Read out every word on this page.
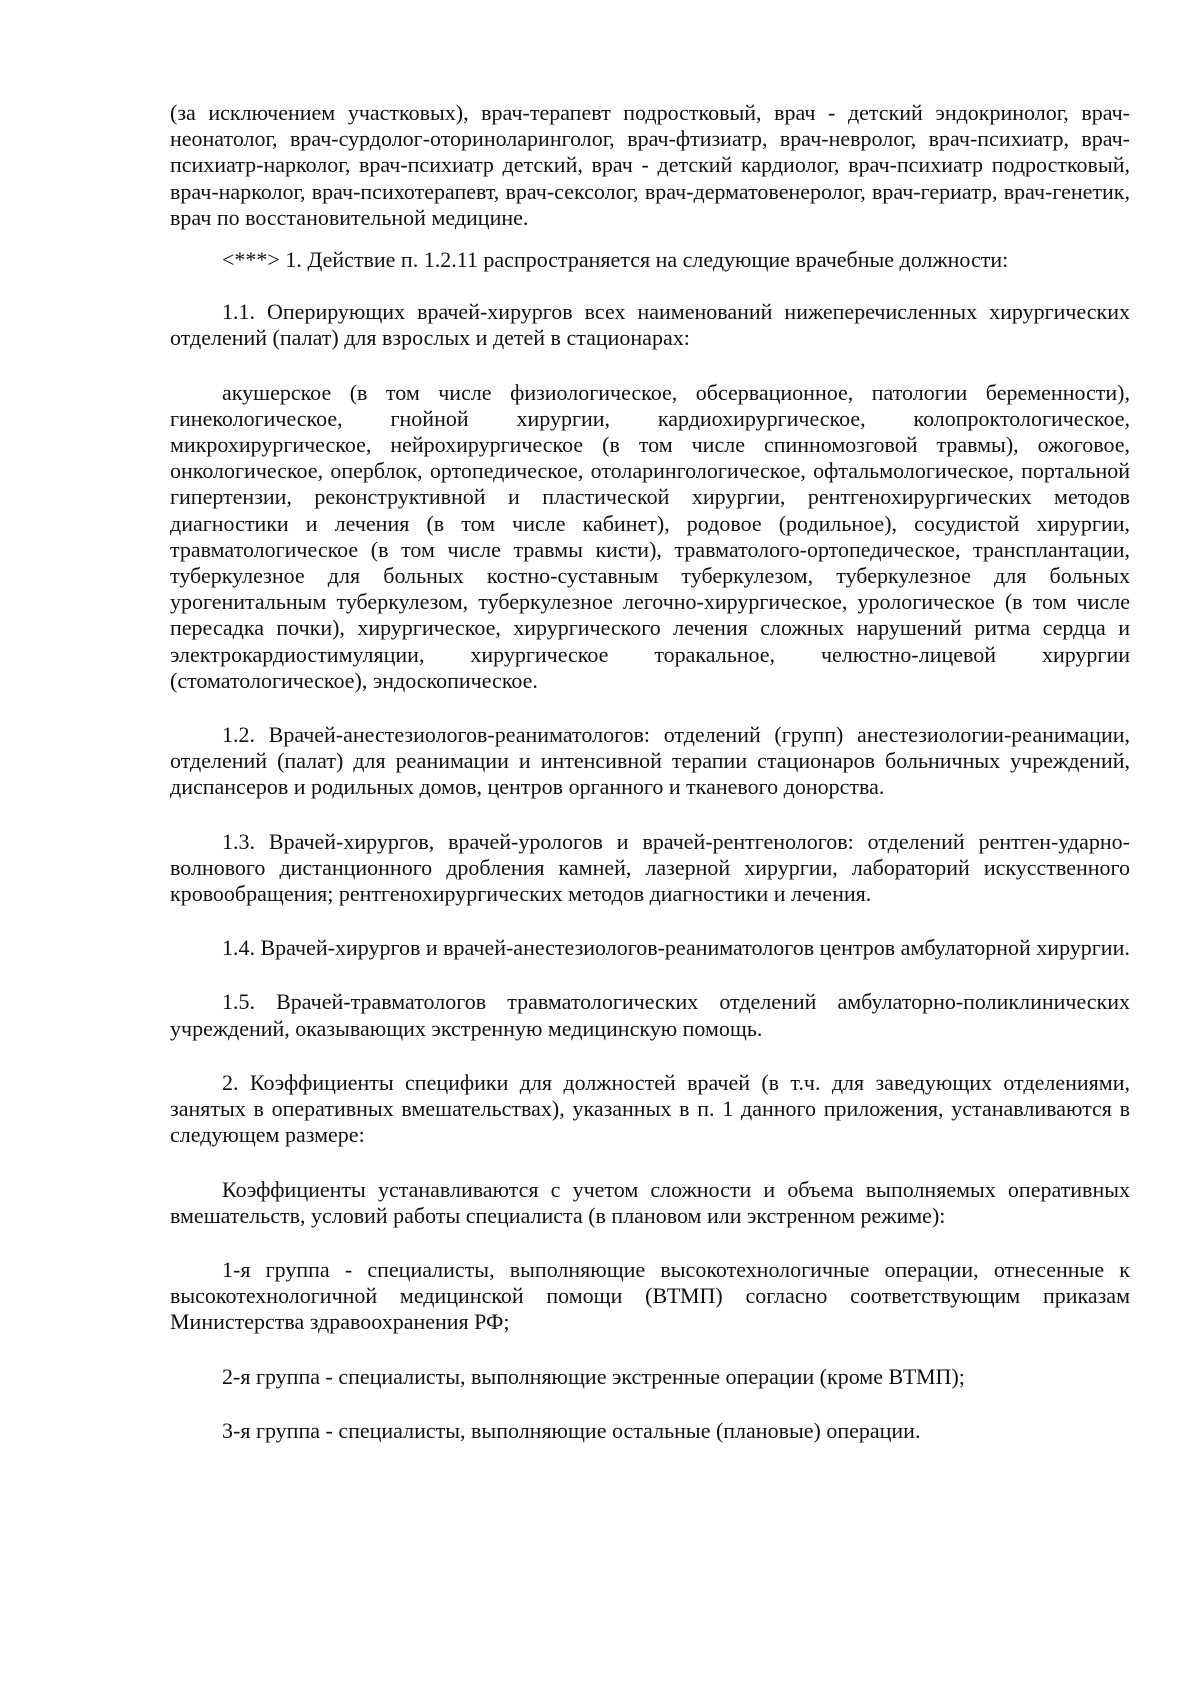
(за исключением участковых), врач-терапевт подростковый, врач - детский эндокринолог, врач-неонатолог, врач-сурдолог-оториноларинголог, врач-фтизиатр, врач-невролог, врач-психиатр, врач-психиатр-нарколог, врач-психиатр детский, врач - детский кардиолог, врач-психиатр подростковый, врач-нарколог, врач-психотерапевт, врач-сексолог, врач-дерматовенеролог, врач-гериатр, врач-генетик, врач по восстановительной медицине.

<***> 1. Действие п. 1.2.11 распространяется на следующие врачебные должности:

1.1. Оперирующих врачей-хирургов всех наименований нижеперечисленных хирургических отделений (палат) для взрослых и детей в стационарах:

акушерское (в том числе физиологическое, обсервационное, патологии беременности), гинекологическое, гнойной хирургии, кардиохирургическое, колопроктологическое, микрохирургическое, нейрохирургическое (в том числе спинномозговой травмы), ожоговое, онкологическое, оперблок, ортопедическое, отоларингологическое, офтальмологическое, портальной гипертензии, реконструктивной и пластической хирургии, рентгенохирургических методов диагностики и лечения (в том числе кабинет), родовое (родильное), сосудистой хирургии, травматологическое (в том числе травмы кисти), травматолого-ортопедическое, трансплантации, туберкулезное для больных костно-суставным туберкулезом, туберкулезное для больных урогенитальным туберкулезом, туберкулезное легочно-хирургическое, урологическое (в том числе пересадка почки), хирургическое, хирургического лечения сложных нарушений ритма сердца и электрокардиостимуляции, хирургическое торакальное, челюстно-лицевой хирургии (стоматологическое), эндоскопическое.

1.2. Врачей-анестезиологов-реаниматологов: отделений (групп) анестезиологии-реанимации, отделений (палат) для реанимации и интенсивной терапии стационаров больничных учреждений, диспансеров и родильных домов, центров органного и тканевого донорства.

1.3. Врачей-хирургов, врачей-урологов и врачей-рентгенологов: отделений рентген-ударно-волнового дистанционного дробления камней, лазерной хирургии, лабораторий искусственного кровообращения; рентгенохирургических методов диагностики и лечения.

1.4. Врачей-хирургов и врачей-анестезиологов-реаниматологов центров амбулаторной хирургии.

1.5. Врачей-травматологов травматологических отделений амбулаторно-поликлинических учреждений, оказывающих экстренную медицинскую помощь.

2. Коэффициенты специфики для должностей врачей (в т.ч. для заведующих отделениями, занятых в оперативных вмешательствах), указанных в п. 1 данного приложения, устанавливаются в следующем размере:

Коэффициенты устанавливаются с учетом сложности и объема выполняемых оперативных вмешательств, условий работы специалиста (в плановом или экстренном режиме):

1-я группа - специалисты, выполняющие высокотехнологичные операции, отнесенные к высокотехнологичной медицинской помощи (ВТМП) согласно соответствующим приказам Министерства здравоохранения РФ;

2-я группа - специалисты, выполняющие экстренные операции (кроме ВТМП);

3-я группа - специалисты, выполняющие остальные (плановые) операции.
